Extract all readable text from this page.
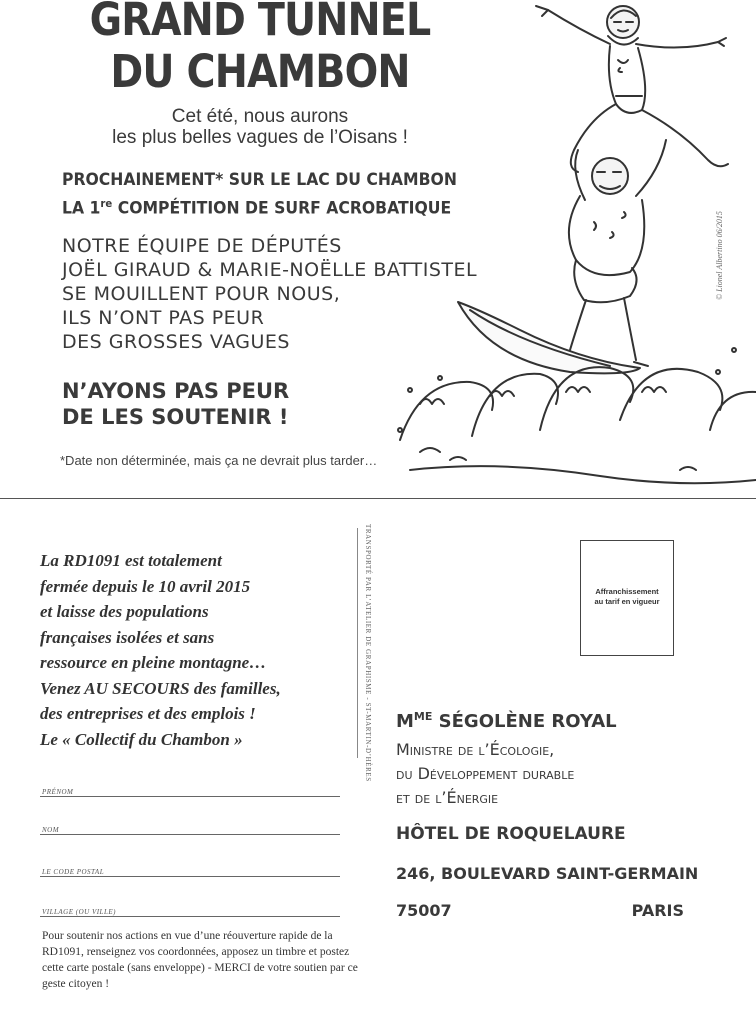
GRAND TUNNEL
DU CHAMBON
Cet été, nous aurons
les plus belles vagues de l’Oisans !
PROCHAINEMENT* SUR LE LAC DU CHAMBON
LA 1re COMPÉTITION DE SURF ACROBATIQUE
NOTRE ÉQUIPE DE DÉPUTÉS
JOËL GIRAUD & MARIE-NOËLLE BATTISTEL
SE MOUILLENT POUR NOUS,
ILS N’ONT PAS PEUR
DES GROSSES VAGUES
N’AYONS PAS PEUR
DE LES SOUTENIR !
*Date non déterminée, mais ça ne devrait plus tarder…
© Lionel Albertino 06/2015
La RD1091 est totalement
fermée depuis le 10 avril 2015
et laisse des populations
françaises isolées et sans
ressource en pleine montagne…
Venez AU SECOURS des familles,
des entreprises et des emplois !
Le « Collectif du Chambon »
PRÉNOM
NOM
LE CODE POSTAL
VILLAGE (OU VILLE)
Pour soutenir nos actions en vue d’une réouverture rapide de la RD1091, renseignez vos coordonnées, apposez un timbre et postez cette carte postale (sans enveloppe) - MERCI de votre soutien par ce geste citoyen !
TRANSPORTÉ PAR L’ATELIER DE GRAPHISME - ST-MARTIN-D’HÈRES	Affranchissement
au tarif en vigueur
$M^{ME}$ SÉGOLÈNE ROYAL
Ministre de l’Écologie,
du Développement durable
et de l’Énergie
HÔTEL DE ROQUELAURE
246, BOULEVARD SAINT-GERMAIN
75007	PARIS
